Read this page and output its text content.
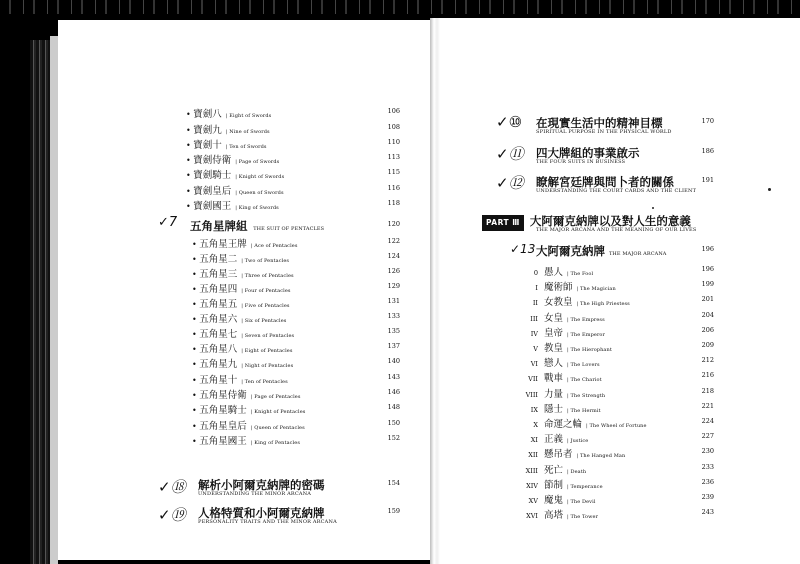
• 寶劍八 | Eight of Swords
106
• 寶劍九 | Nine of Swords
108
• 寶劍十 | Ten of Swords
110
• 寶劍侍衛 | Page of Swords
113
• 寶劍騎士 | Knight of Swords
115
• 寶劍皇后 | Queen of Swords
116
• 寶劍國王 | King of Swords
118
五角星牌組 THE SUIT OF PENTACLES
120
✓7
• 五角星王牌 | Ace of Pentacles
122
• 五角星二 | Two of Pentacles
124
• 五角星三 | Three of Pentacles
126
• 五角星四 | Four of Pentacles
129
• 五角星五 | Five of Pentacles
131
• 五角星六 | Six of Pentacles
133
• 五角星七 | Seven of Pentacles
135
• 五角星八 | Eight of Pentacles
137
• 五角星九 | Night of Pentacles
140
• 五角星十 | Ten of Pentacles
143
• 五角星侍衛 | Page of Pentacles
146
• 五角星騎士 | Knight of Pentacles
148
• 五角星皇后 | Queen of Pentacles
150
• 五角星國王 | King of Pentacles
152
解析小阿爾克納牌的密碼
UNDERSTANDING THE MINOR ARCANA
154
✓⑱
人格特質和小阿爾克納牌
PERSONALITY TRAITS AND THE MINOR ARCANA
159
✓⑲
在現實生活中的精神目標
SPIRITUAL PURPOSE IN THE PHYSICAL WORLD
170
✓⑩
四大牌組的事業啟示
THE FOUR SUITS IN BUSINESS
186
✓⑪
瞭解宮廷牌與問卜者的關係
UNDERSTANDING THE COURT CARDS AND THE CLIENT
191
✓⑫
PART Ⅲ 大阿爾克納牌以及對人生的意義
THE MAJOR ARCANA AND THE MEANING OF OUR LIVES
大阿爾克納牌 THE MAJOR ARCANA
196
✓13
0 愚人 | The Fool
196
I 魔術師 | The Magician
199
II 女教皇 | The High Priestess
201
III 女皇 | The Empress
204
IV 皇帝 | The Emperor
206
V 教皇 | The Hierophant
209
VI 戀人 | The Lovers
212
VII 戰車 | The Chariot
216
VIII 力量 | The Strength
218
IX 隱士 | The Hermit
221
X 命運之輪 | The Wheel of Fortune
224
XI 正義 | Justice
227
XII 懸吊者 | The Hanged Man
230
XIII 死亡 | Death
233
XIV 節制 | Temperance
236
XV 魔鬼 | The Devil
239
XVI 高塔 | The Tower
243
